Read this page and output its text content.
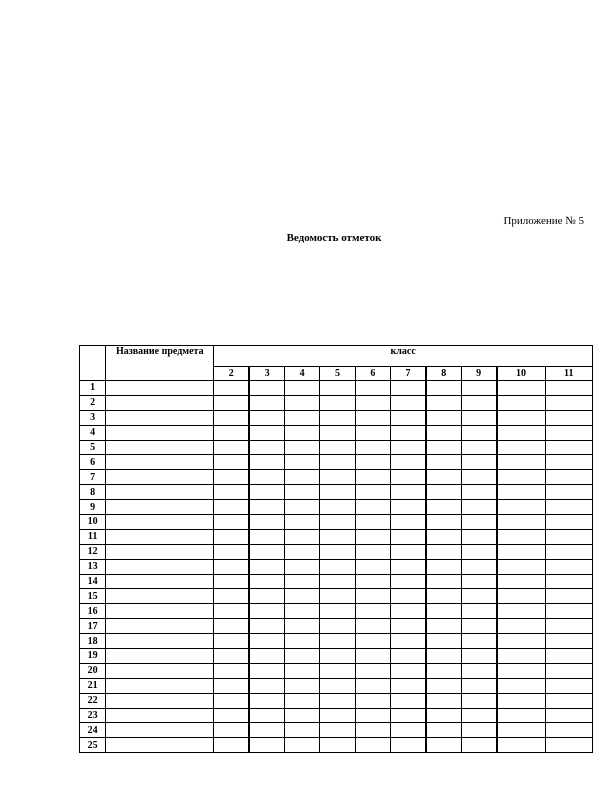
Приложение № 5
Ведомость отметок
	Название предмета	класс									
		2	3	4	5	6	7	8	9	10	11
1											
2											
3											
4											
5											
6											
7											
8											
9											
10											
11											
12											
13											
14											
15											
16											
17											
18											
19											
20											
21											
22											
23											
24											
25											
